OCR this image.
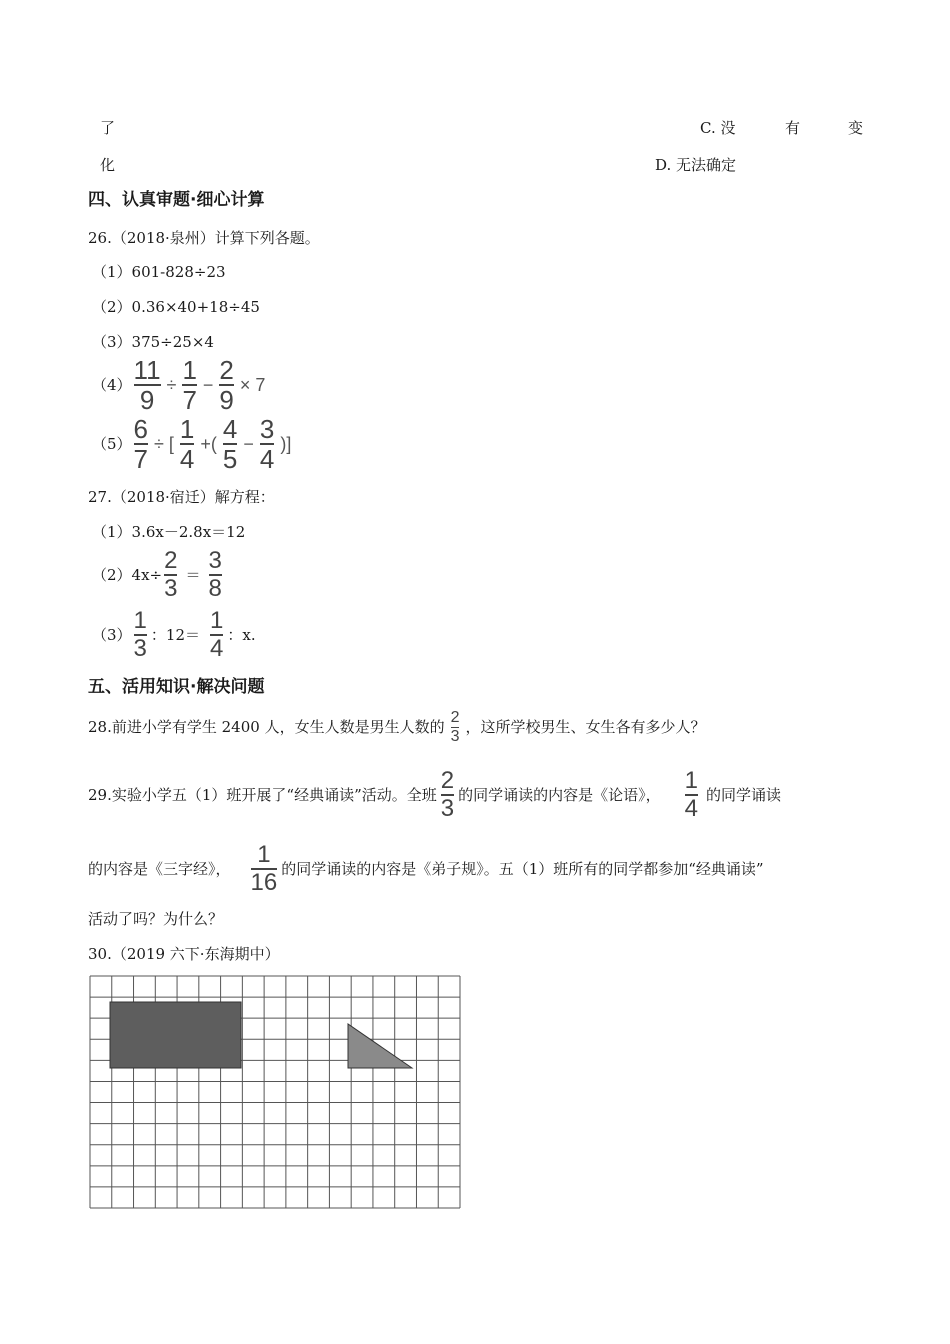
了	C. 没	有	变
化	D. 无法确定
四、认真审题·细心计算
26.（2018·泉州）计算下列各题。
（1） 601-828÷23
（2） 0.36×40+18÷45
（3） 375÷25×4
$(4) \frac{11}{9} \div \frac{1}{7} - \frac{2}{9} \times 7$
$(5) \frac{6}{7}$ ÷ [ $\frac{1}{4}$ +( $\frac{4}{5} - \frac{3}{4}$ )]
27.（2018·宿迁）解方程：
（1） 3.6x－2.8x＝12
（2） $4x\div \frac{2}{3} = \frac{3}{8}$
$(3) \frac{1}{3}$ ：$12= \frac{1}{4}$ ：x.
五、活用知识·解决问题
28.前进小学有学生 2400 人，女生人数是男生人数的 $\frac{2}{3}$ ，这所学校男生、女生各有多少人？
29.实验小学五（1）班开展了“经典诵读”活动。全班 $\frac{2}{3}$ 的同学诵读的内容是《论语》， $\frac{1}{4}$ 的同学诵读
的内容是《三字经》， $\frac{1}{16}$ 的同学诵读的内容是《弟子规》。五（1）班所有的同学都参加“经典诵读”
活动了吗？为什么？
30.（2019 六下·东海期中）
